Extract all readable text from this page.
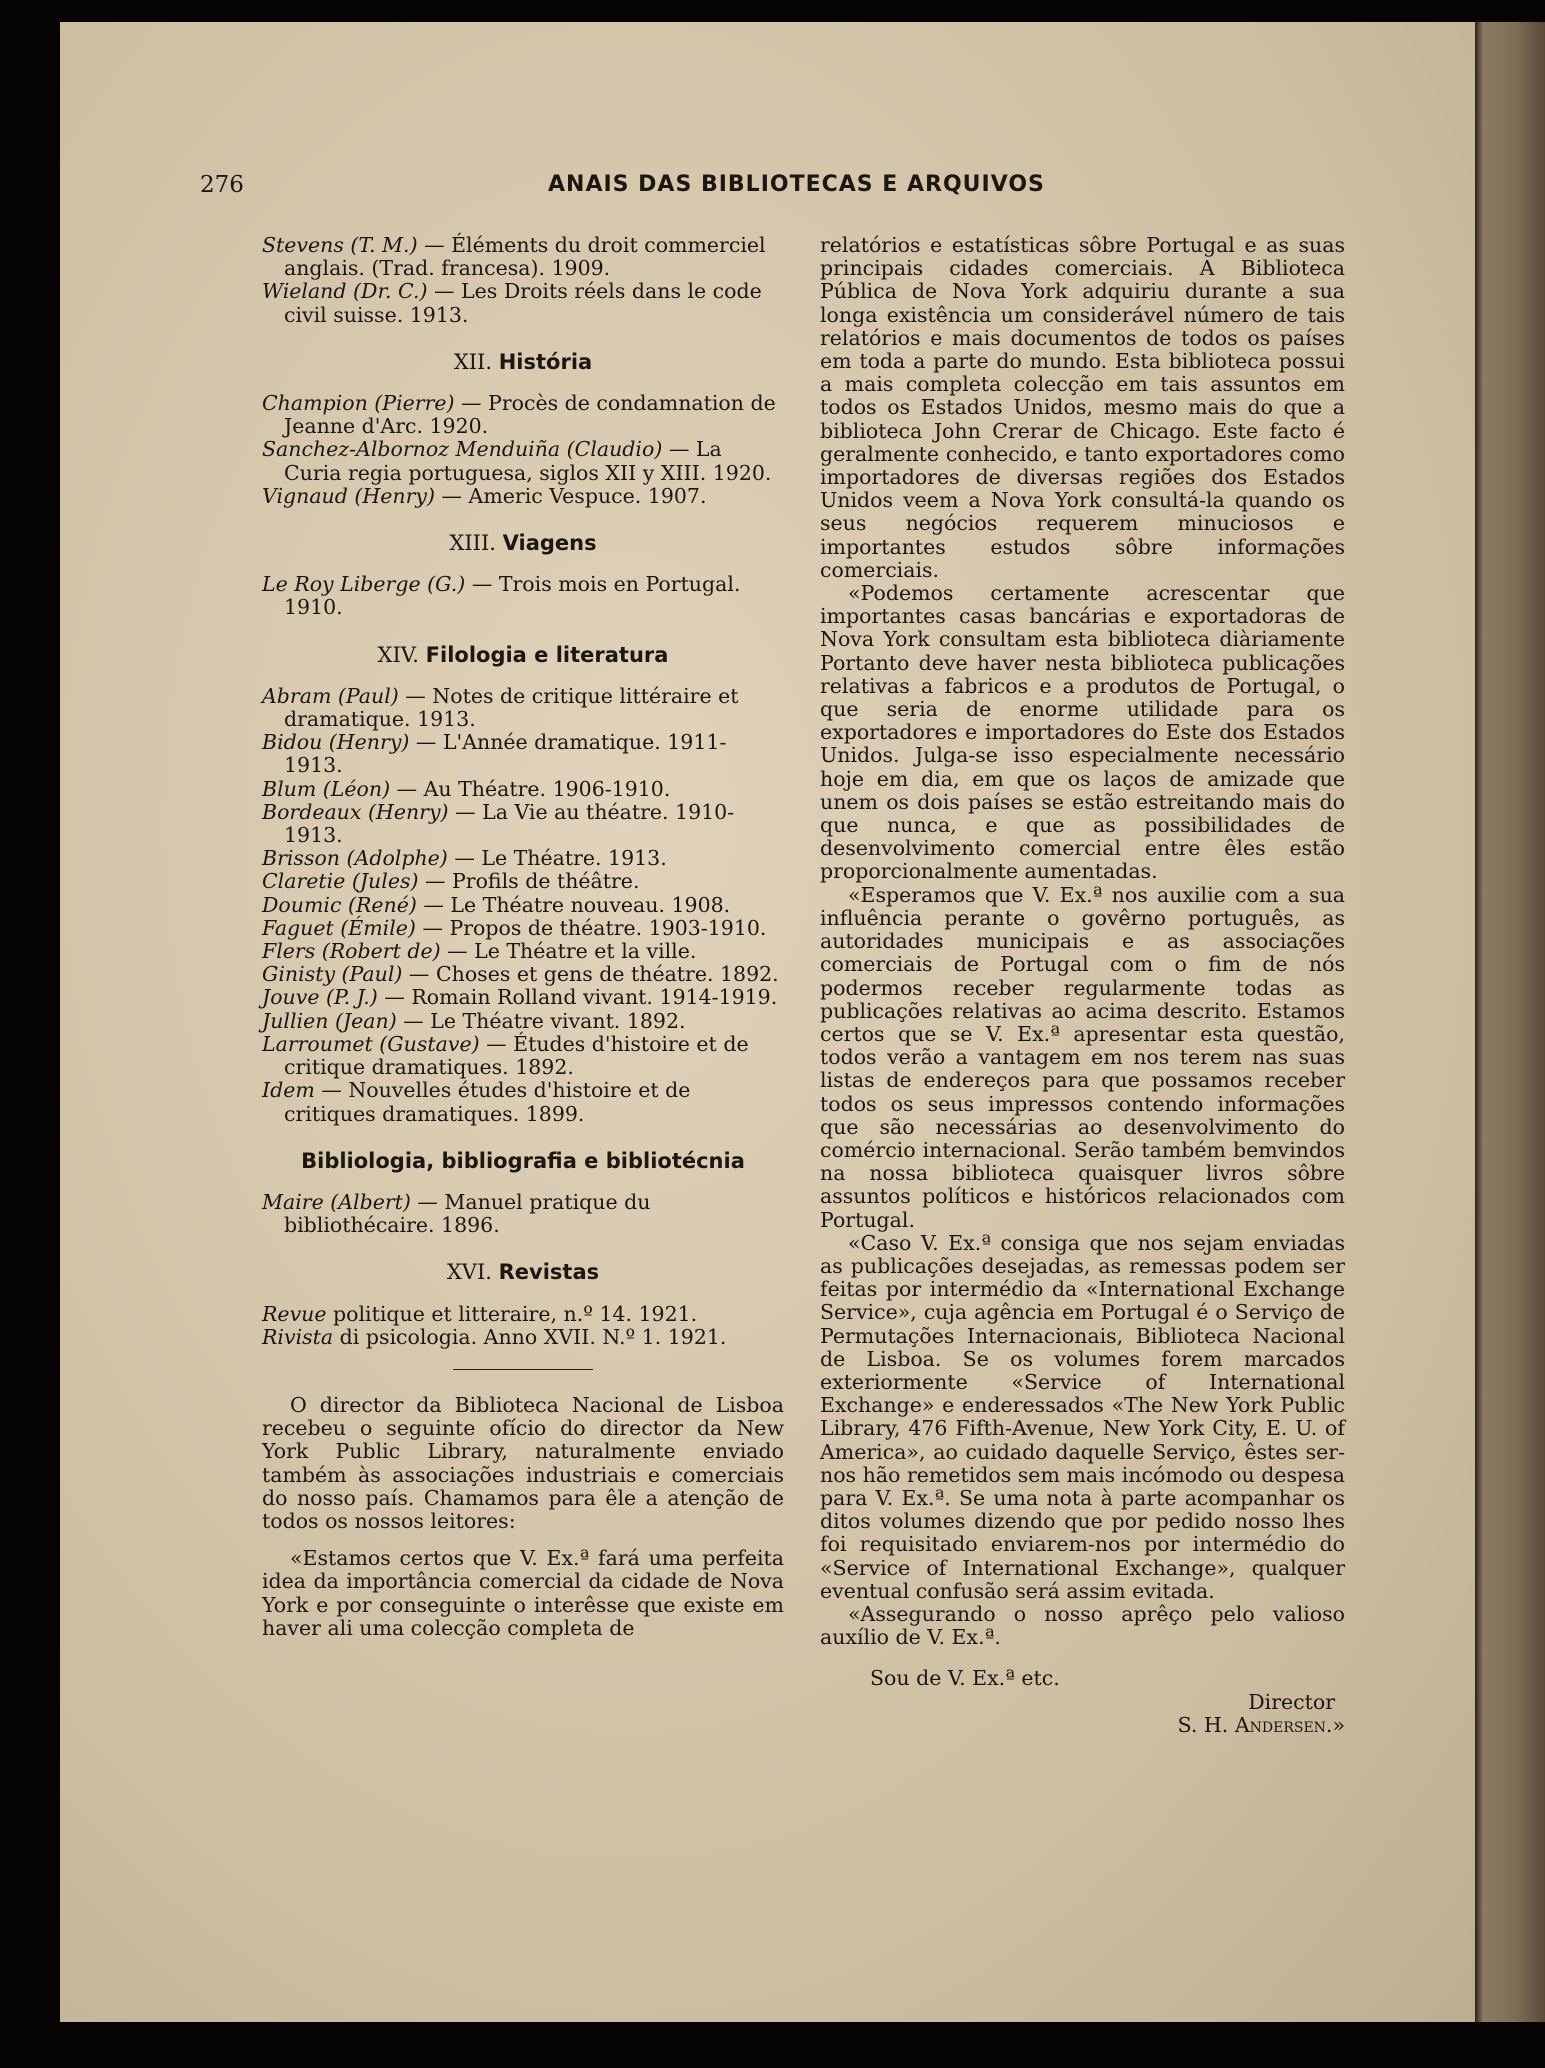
276	ANAIS DAS BIBLIOTECAS E ARQUIVOS

Stevens (T. M.) — Éléments du droit commerciel anglais. (Trad. francesa). 1909.

Wieland (Dr. C.) — Les Droits réels dans le code civil suisse. 1913.

XII. História

Champion (Pierre) — Procès de condamnation de Jeanne d'Arc. 1920.

Sanchez-Albornoz Menduiña (Claudio) — La Curia regia portuguesa, siglos XII y XIII. 1920.

Vignaud (Henry) — Americ Vespuce. 1907.

XIII. Viagens

Le Roy Liberge (G.) — Trois mois en Portugal. 1910.

XIV. Filologia e literatura

Abram (Paul) — Notes de critique littéraire et dramatique. 1913.

Bidou (Henry) — L'Année dramatique. 1911-1913.

Blum (Léon) — Au Théatre. 1906-1910.

Bordeaux (Henry) — La Vie au théatre. 1910-1913.

Brisson (Adolphe) — Le Théatre. 1913.

Claretie (Jules) — Profils de théâtre.

Doumic (René) — Le Théatre nouveau. 1908.

Faguet (Émile) — Propos de théatre. 1903-1910.

Flers (Robert de) — Le Théatre et la ville.

Ginisty (Paul) — Choses et gens de théatre. 1892.

Jouve (P. J.) — Romain Rolland vivant. 1914-1919.

Jullien (Jean) — Le Théatre vivant. 1892.

Larroumet (Gustave) — Études d'histoire et de critique dramatiques. 1892.

Idem — Nouvelles études d'histoire et de critiques dramatiques. 1899.

Bibliologia, bibliografia e bibliotécnia

Maire (Albert) — Manuel pratique du bibliothécaire. 1896.

XVI. Revistas

Revue politique et litteraire, n.º 14. 1921.

Rivista di psicologia. Anno XVII. N.º 1. 1921.

O director da Biblioteca Nacional de Lisboa recebeu o seguinte ofício do director da New York Public Library, naturalmente enviado também às associações industriais e comerciais do nosso país. Chamamos para êle a atenção de todos os nossos leitores:

«Estamos certos que V. Ex.ª fará uma perfeita idea da importância comercial da cidade de Nova York e por conseguinte o interêsse que existe em haver ali uma colecção completa de

relatórios e estatísticas sôbre Portugal e as suas principais cidades comerciais. A Biblioteca Pública de Nova York adquiriu durante a sua longa existência um considerável número de tais relatórios e mais documentos de todos os países em toda a parte do mundo. Esta biblioteca possui a mais completa colecção em tais assuntos em todos os Estados Unidos, mesmo mais do que a biblioteca John Crerar de Chicago. Este facto é geralmente conhecido, e tanto exportadores como importadores de diversas regiões dos Estados Unidos veem a Nova York consultá-la quando os seus negócios requerem minuciosos e importantes estudos sôbre informações comerciais.

«Podemos certamente acrescentar que importantes casas bancárias e exportadoras de Nova York consultam esta biblioteca diàriamente Portanto deve haver nesta biblioteca publicações relativas a fabricos e a produtos de Portugal, o que seria de enorme utilidade para os exportadores e importadores do Este dos Estados Unidos. Julga-se isso especialmente necessário hoje em dia, em que os laços de amizade que unem os dois países se estão estreitando mais do que nunca, e que as possibilidades de desenvolvimento comercial entre êles estão proporcionalmente aumentadas.

«Esperamos que V. Ex.ª nos auxilie com a sua influência perante o govêrno português, as autoridades municipais e as associações comerciais de Portugal com o fim de nós podermos receber regularmente todas as publicações relativas ao acima descrito. Estamos certos que se V. Ex.ª apresentar esta questão, todos verão a vantagem em nos terem nas suas listas de endereços para que possamos receber todos os seus impressos contendo informações que são necessárias ao desenvolvimento do comércio internacional. Serão também bemvindos na nossa biblioteca quaisquer livros sôbre assuntos políticos e históricos relacionados com Portugal.

«Caso V. Ex.ª consiga que nos sejam enviadas as publicações desejadas, as remessas podem ser feitas por intermédio da «International Exchange Service», cuja agência em Portugal é o Serviço de Permutações Internacionais, Biblioteca Nacional de Lisboa. Se os volumes forem marcados exteriormente «Service of International Exchange» e enderessados «The New York Public Library, 476 Fifth-Avenue, New York City, E. U. of America», ao cuidado daquelle Serviço, êstes ser-nos hão remetidos sem mais incómodo ou despesa para V. Ex.ª. Se uma nota à parte acompanhar os ditos volumes dizendo que por pedido nosso lhes foi requisitado enviarem-nos por intermédio do «Service of International Exchange», qualquer eventual confusão será assim evitada.

«Assegurando o nosso aprêço pelo valioso auxílio de V. Ex.ª.

Sou de V. Ex.ª etc.

Director

S. H. Andersen.»
